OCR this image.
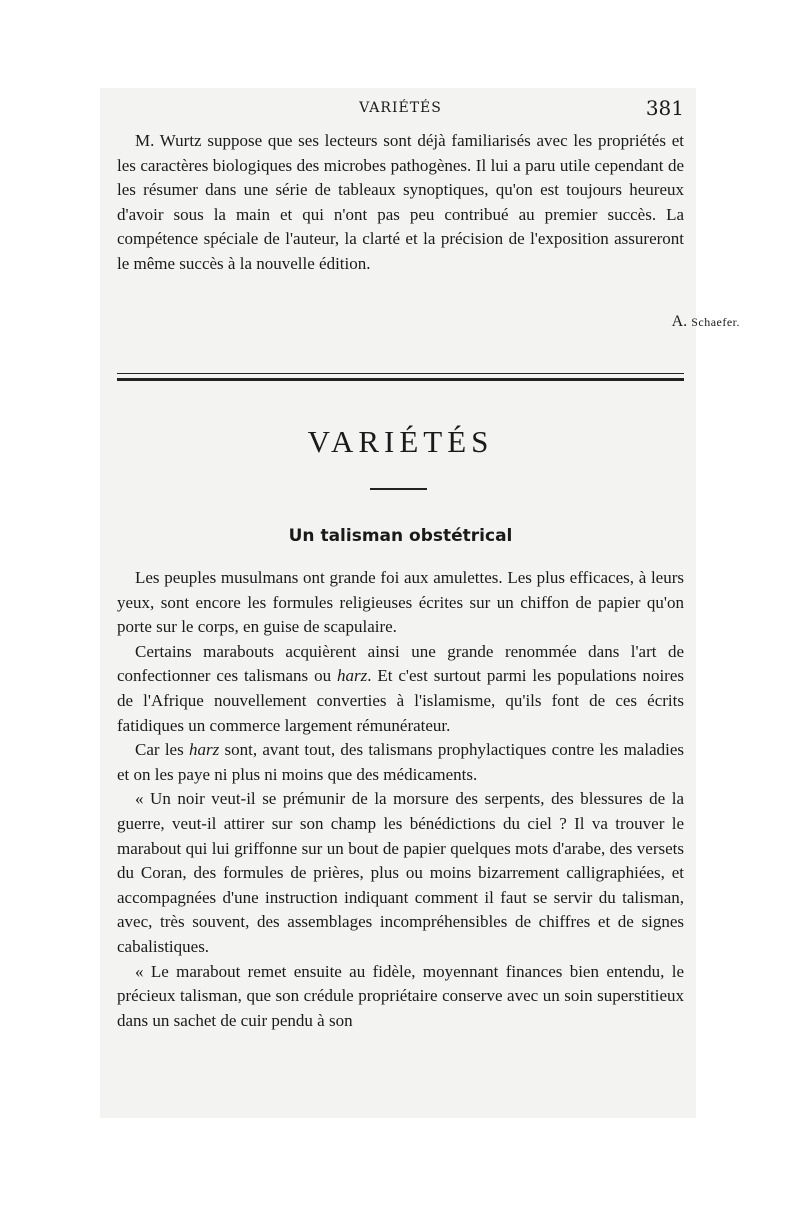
VARIÉTÉS	381

M. Wurtz suppose que ses lecteurs sont déjà familiarisés avec les propriétés et les caractères biologiques des microbes pathogènes. Il lui a paru utile cependant de les résumer dans une série de tableaux synoptiques, qu'on est toujours heureux d'avoir sous la main et qui n'ont pas peu contribué au premier succès. La compétence spéciale de l'auteur, la clarté et la précision de l'exposition assureront le même succès à la nouvelle édition.

A. Schaefer.
VARIÉTÉS
Un talisman obstétrical

Les peuples musulmans ont grande foi aux amulettes. Les plus efficaces, à leurs yeux, sont encore les formules religieuses écrites sur un chiffon de papier qu'on porte sur le corps, en guise de scapulaire.

Certains marabouts acquièrent ainsi une grande renommée dans l'art de confectionner ces talismans ou harz. Et c'est surtout parmi les populations noires de l'Afrique nouvellement converties à l'islamisme, qu'ils font de ces écrits fatidiques un commerce largement rémunérateur.

Car les harz sont, avant tout, des talismans prophylactiques contre les maladies et on les paye ni plus ni moins que des médicaments.

« Un noir veut-il se prémunir de la morsure des serpents, des blessures de la guerre, veut-il attirer sur son champ les bénédictions du ciel ? Il va trouver le marabout qui lui griffonne sur un bout de papier quelques mots d'arabe, des versets du Coran, des formules de prières, plus ou moins bizarrement calligraphiées, et accompagnées d'une instruction indiquant comment il faut se servir du talisman, avec, très souvent, des assemblages incompréhensibles de chiffres et de signes cabalistiques.

« Le marabout remet ensuite au fidèle, moyennant finances bien entendu, le précieux talisman, que son crédule propriétaire conserve avec un soin superstitieux dans un sachet de cuir pendu à son
